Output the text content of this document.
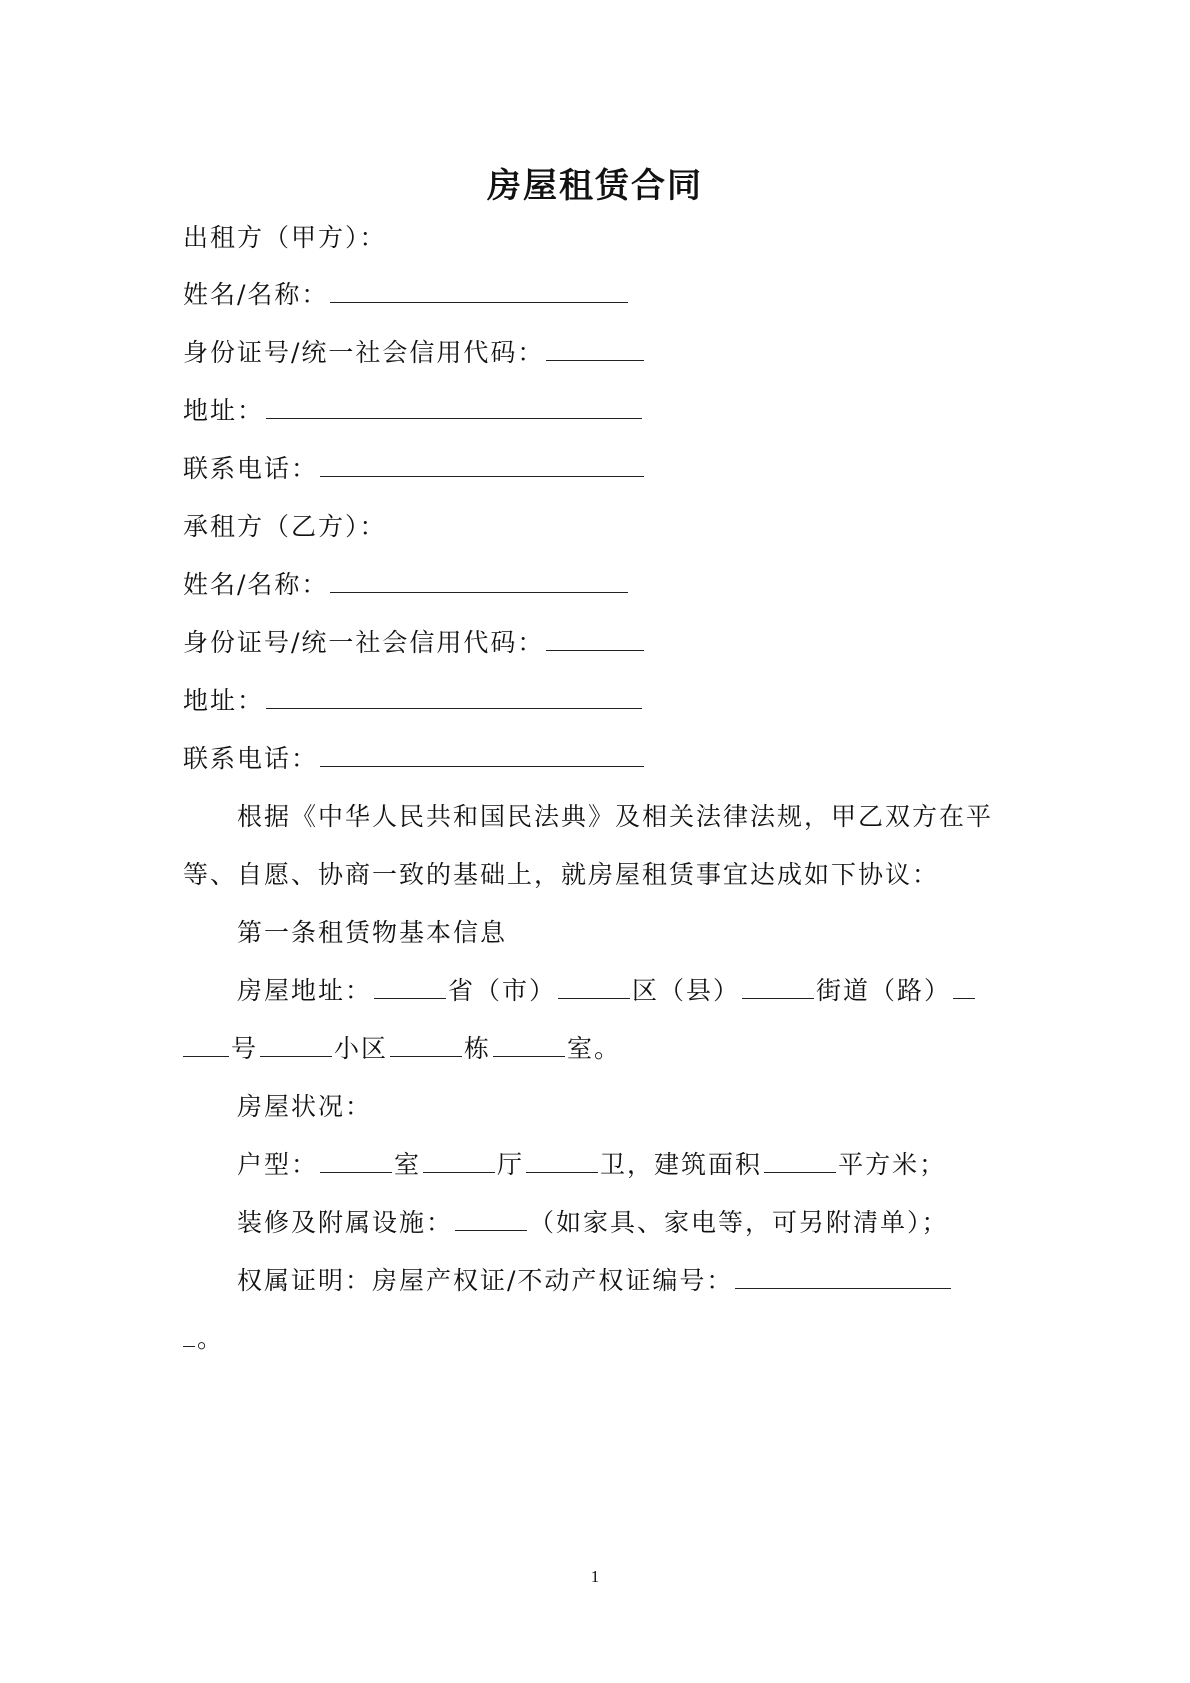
房屋租赁合同
出租方（甲方）：
姓名/名称：
身份证号/统一社会信用代码：
地址：
联系电话：
承租方（乙方）：
姓名/名称：
身份证号/统一社会信用代码：
地址：
联系电话：
根据《中华人民共和国民法典》及相关法律法规，甲乙双方在平
等、自愿、协商一致的基础上，就房屋租赁事宜达成如下协议：
第一条租赁物基本信息
房屋地址：	省（市）	区（县）	街道（路）
号	小区	栋	室。
房屋状况：
户型：	室	厅	卫，建筑面积	平方米；
装修及附属设施：	（如家具、家电等，可另附清单）；
权属证明：房屋产权证/不动产权证编号：
。
1
